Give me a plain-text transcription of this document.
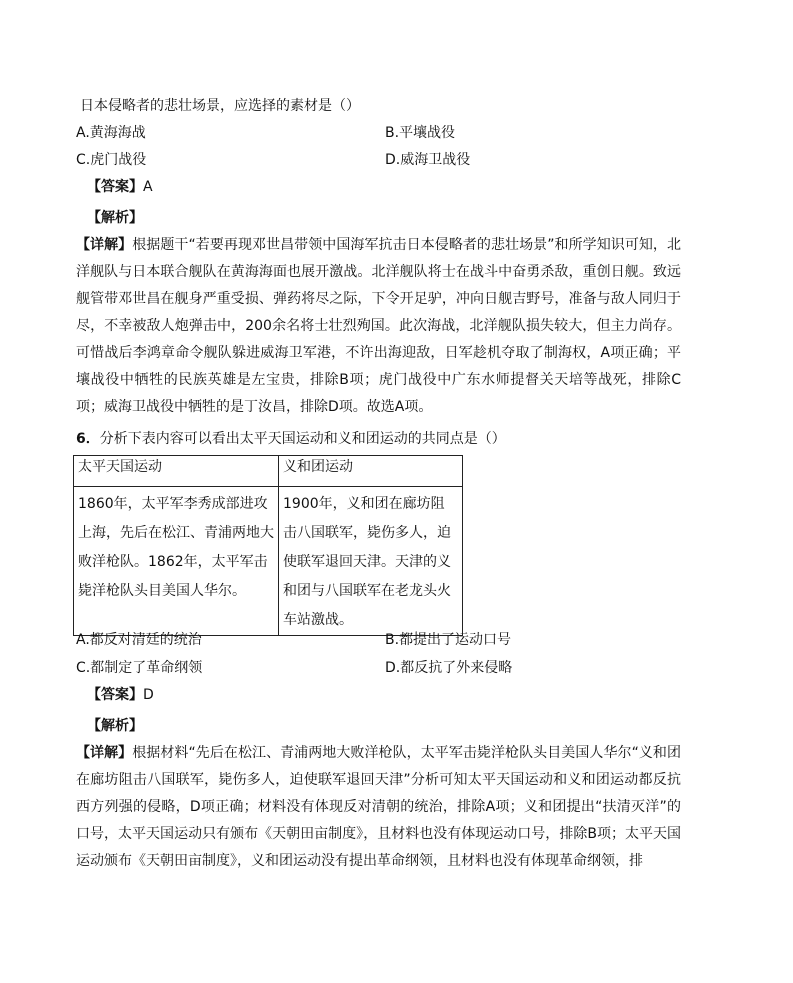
日本侵略者的悲壮场景，应选择的素材是（）
A.黄海海战	B.平壤战役
C.虎门战役	D.威海卫战役
【答案】A
【解析】
【详解】根据题干“若要再现邓世昌带领中国海军抗击日本侵略者的悲壮场景”和所学知识可知，北洋舰队与日本联合舰队在黄海海面也展开激战。北洋舰队将士在战斗中奋勇杀敌，重创日舰。致远舰管带邓世昌在舰身严重受损、弹药将尽之际，下令开足驴，冲向日舰吉野号，准备与敌人同归于尽，不幸被敌人炮弹击中，200余名将士壮烈殉国。此次海战，北洋舰队损失较大，但主力尚存。可惜战后李鸿章命令舰队躲进威海卫军港，不许出海迎敌，日军趁机夺取了制海权，A项正确；平壤战役中牺牲的民族英雄是左宝贵，排除B项；虎门战役中广东水师提督关天培等战死，排除C项；威海卫战役中牺牲的是丁汝昌，排除D项。故选A项。
6．分析下表内容可以看出太平天国运动和义和团运动的共同点是（）
太平天国运动	义和团运动
1860年，太平军李秀成部进攻上海，先后在松江、青浦两地大败洋枪队。1862年，太平军击毙洋枪队头目美国人华尔。	1900年，义和团在廊坊阻击八国联军，毙伤多人，迫使联军退回天津。天津的义和团与八国联军在老龙头火车站激战。
A.都反对清廷的统治	B.都提出了运动口号
C.都制定了革命纲领	D.都反抗了外来侵略
【答案】D
【解析】
【详解】根据材料“先后在松江、青浦两地大败洋枪队，太平军击毙洋枪队头目美国人华尔“义和团在廊坊阻击八国联军，毙伤多人，迫使联军退回天津”分析可知太平天国运动和义和团运动都反抗西方列强的侵略，D项正确；材料没有体现反对清朝的统治，排除A项；义和团提出“扶清灭洋”的口号，太平天国运动只有颁布《天朝田亩制度》，且材料也没有体现运动口号，排除B项；太平天国运动颁布《天朝田亩制度》，义和团运动没有提出革命纲领，且材料也没有体现革命纲领，排
